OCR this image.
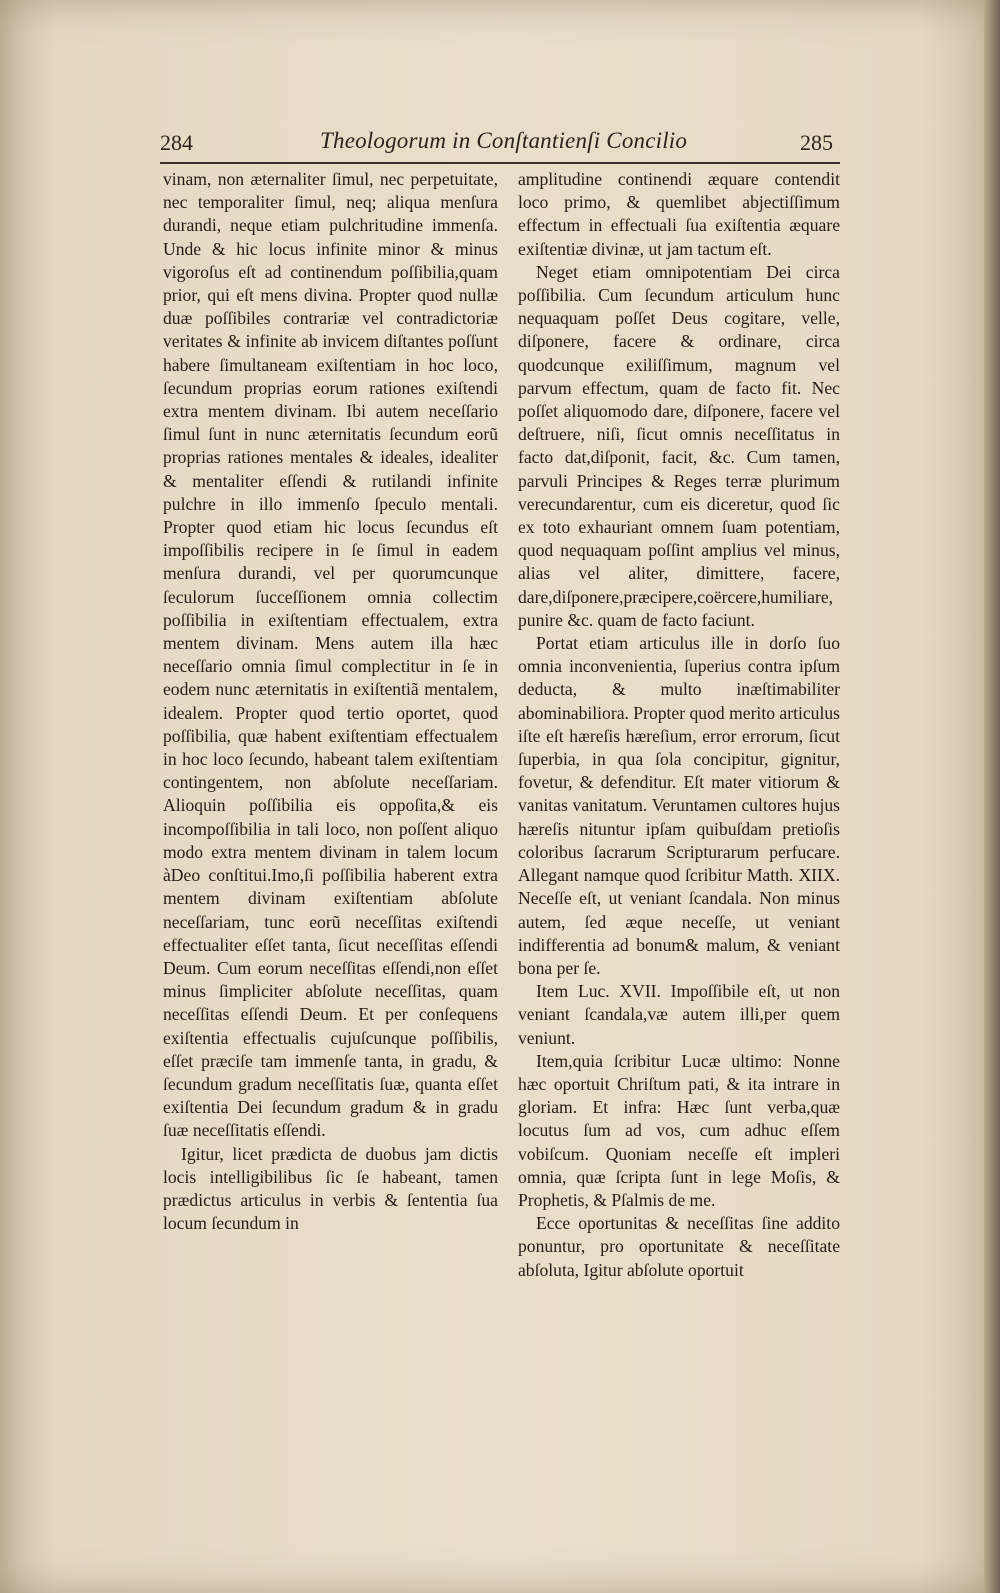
284	Theologorum in Conſtantienſi Concilio	285

vinam, non æternaliter ſimul, nec perpetuitate, nec temporaliter ſimul, neq; aliqua menſura durandi, neque etiam pulchritudine immenſa. Unde & hic locus infinite minor & minus vigoroſus eſt ad continendum poſſibilia,quam prior, qui eſt mens divina. Propter quod nullæ duæ poſſibiles contrariæ vel contradictoriæ veritates & infinite ab invicem diſtantes poſſunt habere ſimultaneam exiſtentiam in hoc loco, ſecundum proprias eorum rationes exiſtendi extra mentem divinam. Ibi autem neceſſario ſimul ſunt in nunc æternitatis ſecundum eorũ proprias rationes mentales & ideales, idealiter & mentaliter eſſendi & rutilandi infinite pulchre in illo immenſo ſpeculo mentali. Propter quod etiam hic locus ſecundus eſt impoſſibilis recipere in ſe ſimul in eadem menſura durandi, vel per quorumcunque ſeculorum ſucceſſionem omnia collectim poſſibilia in exiſtentiam effectualem, extra mentem divinam. Mens autem illa hæc neceſſario omnia ſimul complectitur in ſe in eodem nunc æternitatis in exiſtentiã mentalem, idealem. Propter quod tertio oportet, quod poſſibilia, quæ habent exiſtentiam effectualem in hoc loco ſecundo, habeant talem exiſtentiam contingentem, non abſolute neceſſariam. Alioquin poſſibilia eis oppoſita,& eis incompoſſibilia in tali loco, non poſſent aliquo modo extra mentem divinam in talem locum àDeo conſtitui.Imo,ſi poſſibilia haberent extra mentem divinam exiſtentiam abſolute neceſſariam, tunc eorũ neceſſitas exiſtendi effectualiter eſſet tanta, ſicut neceſſitas eſſendi Deum. Cum eorum neceſſitas eſſendi,non eſſet minus ſimpliciter abſolute neceſſitas, quam neceſſitas eſſendi Deum. Et per conſequens exiſtentia effectualis cujuſcunque poſſibilis, eſſet præciſe tam immenſe tanta, in gradu, & ſecundum gradum neceſſitatis ſuæ, quanta eſſet exiſtentia Dei ſecundum gradum & in gradu ſuæ neceſſitatis eſſendi.

Igitur, licet prædicta de duobus jam dictis locis intelligibilibus ſic ſe habeant, tamen prædictus articulus in verbis & ſententia ſua locum ſecundum in

amplitudine continendi æquare contendit loco primo, & quemlibet abjectiſſimum effectum in effectuali ſua exiſtentia æquare exiſtentiæ divinæ, ut jam tactum eſt.

Neget etiam omnipotentiam Dei circa poſſibilia. Cum ſecundum articulum hunc nequaquam poſſet Deus cogitare, velle, diſponere, facere & ordinare, circa quodcunque exiliſſimum, magnum vel parvum effectum, quam de facto fit. Nec poſſet aliquomodo dare, diſponere, facere vel deſtruere, niſi, ſicut omnis neceſſitatus in facto dat,diſponit, facit, &c. Cum tamen, parvuli Principes & Reges terræ plurimum verecundarentur, cum eis diceretur, quod ſic ex toto exhauriant omnem ſuam potentiam, quod nequaquam poſſint amplius vel minus, alias vel aliter, dimittere, facere, dare,diſponere,præcipere,coërcere,humiliare, punire &c. quam de facto faciunt.

Portat etiam articulus ille in dorſo ſuo omnia inconvenientia, ſuperius contra ipſum deducta, & multo inæſtimabiliter abominabiliora. Propter quod merito articulus iſte eſt hæreſis hæreſium, error errorum, ſicut ſuperbia, in qua ſola concipitur, gignitur, fovetur, & defenditur. Eſt mater vitiorum & vanitas vanitatum. Veruntamen cultores hujus hæreſis nituntur ipſam quibuſdam pretioſis coloribus ſacrarum Scripturarum perfucare. Allegant namque quod ſcribitur Matth. XIIX. Neceſſe eſt, ut veniant ſcandala. Non minus autem, ſed æque neceſſe, ut veniant indifferentia ad bonum& malum, & veniant bona per ſe.

Item Luc. XVII. Impoſſibile eſt, ut non veniant ſcandala,væ autem illi,per quem veniunt.

Item,quia ſcribitur Lucæ ultimo: Nonne hæc oportuit Chriſtum pati, & ita intrare in gloriam. Et infra: Hæc ſunt verba,quæ locutus ſum ad vos, cum adhuc eſſem vobiſcum. Quoniam neceſſe eſt impleri omnia, quæ ſcripta ſunt in lege Moſis, & Prophetis, & Pſalmis de me.

Ecce oportunitas & neceſſitas ſine addito ponuntur, pro oportunitate & neceſſitate abſoluta, Igitur abſolute oportuit
